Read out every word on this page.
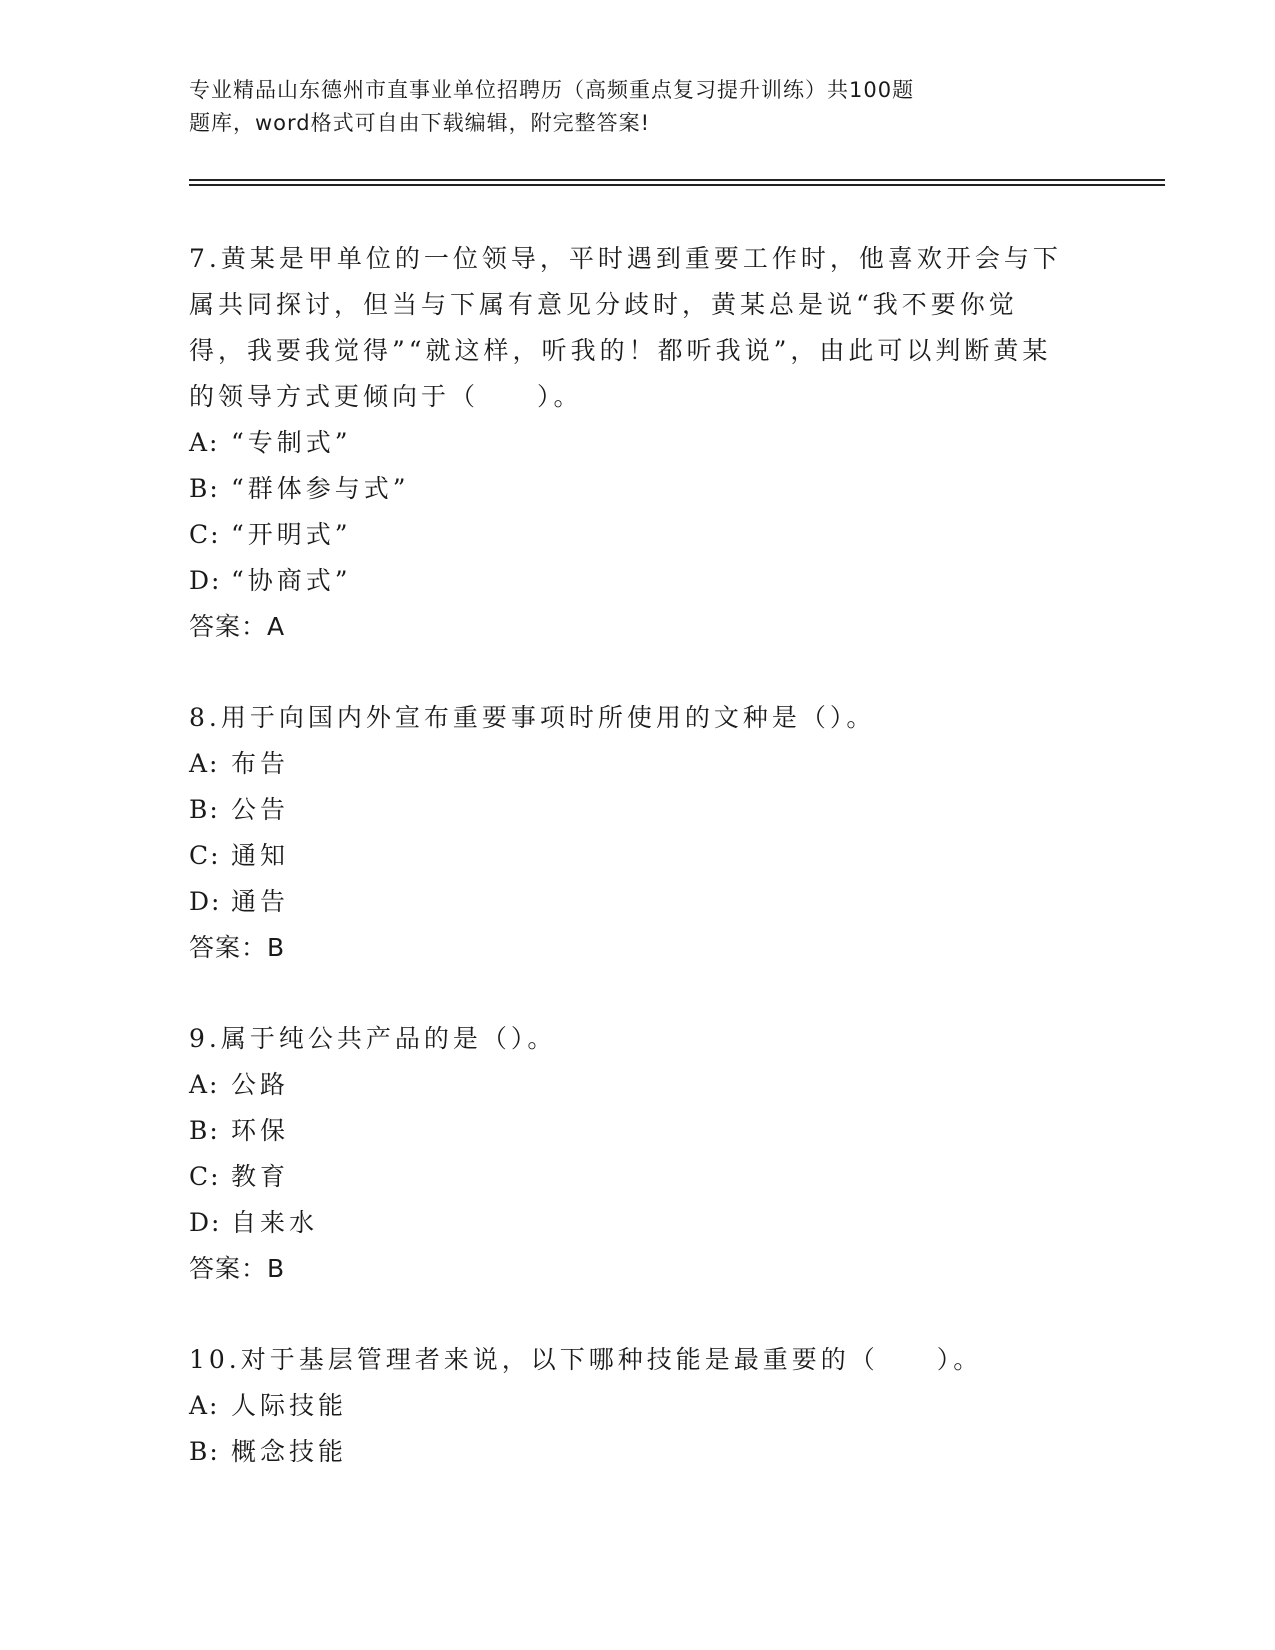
专业精品山东德州市直事业单位招聘历（高频重点复习提升训练）共100题
题库，word格式可自由下载编辑，附完整答案!
7.黄某是甲单位的一位领导，平时遇到重要工作时，他喜欢开会与下属共同探讨，但当与下属有意见分歧时，黄某总是说“我不要你觉得，我要我觉得”“就这样，听我的！都听我说”，由此可以判断黄某的领导方式更倾向于（　　）。
A: “专制式”
B: “群体参与式”
C: “开明式”
D: “协商式”
答案：A
8.用于向国内外宣布重要事项时所使用的文种是（）。
A: 布告
B: 公告
C: 通知
D: 通告
答案：B
9.属于纯公共产品的是（）。
A: 公路
B: 环保
C: 教育
D: 自来水
答案：B
10.对于基层管理者来说，以下哪种技能是最重要的（　　）。
A: 人际技能
B: 概念技能
